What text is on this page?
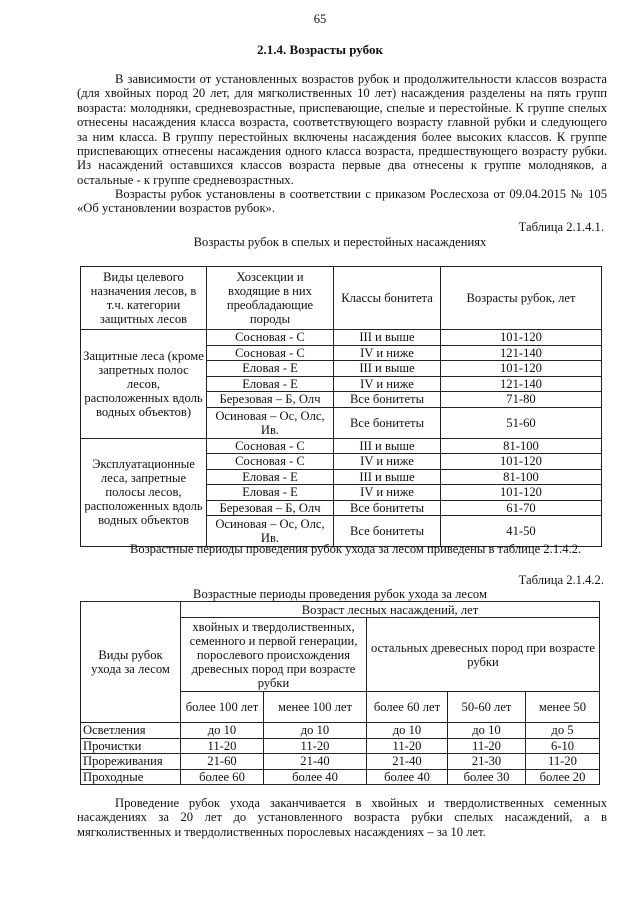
65
2.1.4. Возрасты рубок

В зависимости от установленных возрастов рубок и продолжительности классов возраста (для хвойных пород 20 лет, для мягколиственных 10 лет) насаждения разделены на пять групп возраста: молодняки, средневозрастные, приспевающие, спелые и перестойные. К группе спелых отнесены насаждения класса возраста, соответствующего возрасту главной рубки и следующего за ним класса. В группу перестойных включены насаждения более высоких классов. К группе приспевающих отнесены насаждения одного класса возраста, предшествующего возрасту рубки. Из насаждений оставшихся классов возраста первые два отнесены к группе молодняков, а остальные - к группе средневозрастных.

Возрасты рубок установлены в соответствии с приказом Рослесхоза от 09.04.2015 № 105 «Об установлении возрастов рубок».

Таблица 2.1.4.1.
Возрасты рубок в спелых и перестойных насаждениях
Виды целевого назначения лесов, в т.ч. категории защитных лесов	Хозсекции и входящие в них преобладающие породы	Классы бонитета	Возрасты рубок, лет
Защитные леса (кроме запретных полос лесов, расположенных вдоль водных объектов)	Сосновая - С	III и выше	101-120
	Сосновая - С	IV и ниже	121-140
	Еловая - Е	III и выше	101-120
	Еловая - Е	IV и ниже	121-140
	Березовая – Б, Олч	Все бонитеты	71-80
	Осиновая – Ос, Олс, Ив.	Все бонитеты	51-60
Эксплуатационные леса, запретные полосы лесов, расположенных вдоль водных объектов	Сосновая - С	III и выше	81-100
	Сосновая - С	IV и ниже	101-120
	Еловая - Е	III и выше	81-100
	Еловая - Е	IV и ниже	101-120
	Березовая – Б, Олч	Все бонитеты	61-70
	Осиновая – Ос, Олс, Ив.	Все бонитеты	41-50
Возрастные периоды проведения рубок ухода за лесом приведены в таблице 2.1.4.2.
Таблица 2.1.4.2.
Возрастные периоды проведения рубок ухода за лесом
Виды рубок ухода за лесом	Возраст лесных насаждений, лет				
	хвойных и твердолиственных, семенного и первой генерации, порослевого происхождения древесных пород при возрасте рубки		остальных древесных пород при возрасте рубки		
	более 100 лет	менее 100 лет	более 60 лет	50-60 лет	менее 50
Осветления	до 10	до 10	до 10	до 10	до 5
Прочистки	11-20	11-20	11-20	11-20	6-10
Прореживания	21-60	21-40	21-40	21-30	11-20
Проходные	более 60	более 40	более 40	более 30	более 20

Проведение рубок ухода заканчивается в хвойных и твердолиственных семенных насаждениях за 20 лет до установленного возраста рубки спелых насаждений, а в мягколиственных и твердолиственных порослевых насаждениях – за 10 лет.
